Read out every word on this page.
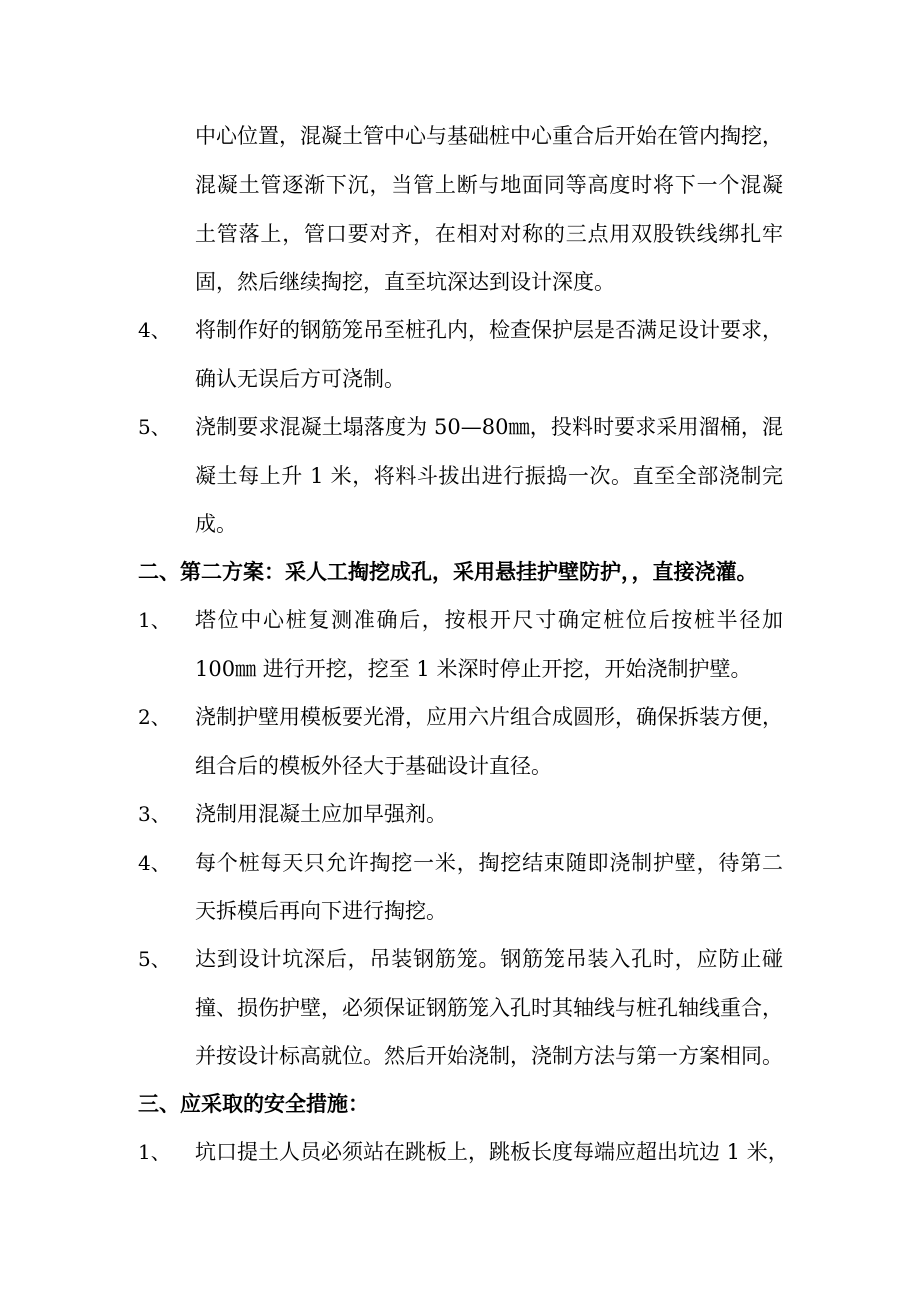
中心位置，混凝土管中心与基础桩中心重合后开始在管内掏挖，
混凝土管逐渐下沉，当管上断与地面同等高度时将下一个混凝
土管落上，管口要对齐，在相对对称的三点用双股铁线绑扎牢
固，然后继续掏挖，直至坑深达到设计深度。
4、 将制作好的钢筋笼吊至桩孔内，检查保护层是否满足设计要求，
确认无误后方可浇制。
5、 浇制要求混凝土塌落度为 50—80㎜，投料时要求采用溜桶，混
凝土每上升 1 米，将料斗拔出进行振捣一次。直至全部浇制完
成。
二、第二方案：采人工掏挖成孔，采用悬挂护壁防护，，直接浇灌。
1、 塔位中心桩复测准确后，按根开尺寸确定桩位后按桩半径加
100㎜ 进行开挖，挖至 1 米深时停止开挖，开始浇制护壁。
2、 浇制护壁用模板要光滑，应用六片组合成圆形，确保拆装方便，
组合后的模板外径大于基础设计直径。
3、 浇制用混凝土应加早强剂。
4、 每个桩每天只允许掏挖一米，掏挖结束随即浇制护壁，待第二
天拆模后再向下进行掏挖。
5、 达到设计坑深后，吊装钢筋笼。钢筋笼吊装入孔时，应防止碰
撞、损伤护壁，必须保证钢筋笼入孔时其轴线与桩孔轴线重合，
并按设计标高就位。然后开始浇制，浇制方法与第一方案相同。
三、应采取的安全措施：
1、 坑口提土人员必须站在跳板上，跳板长度每端应超出坑边 1 米，
